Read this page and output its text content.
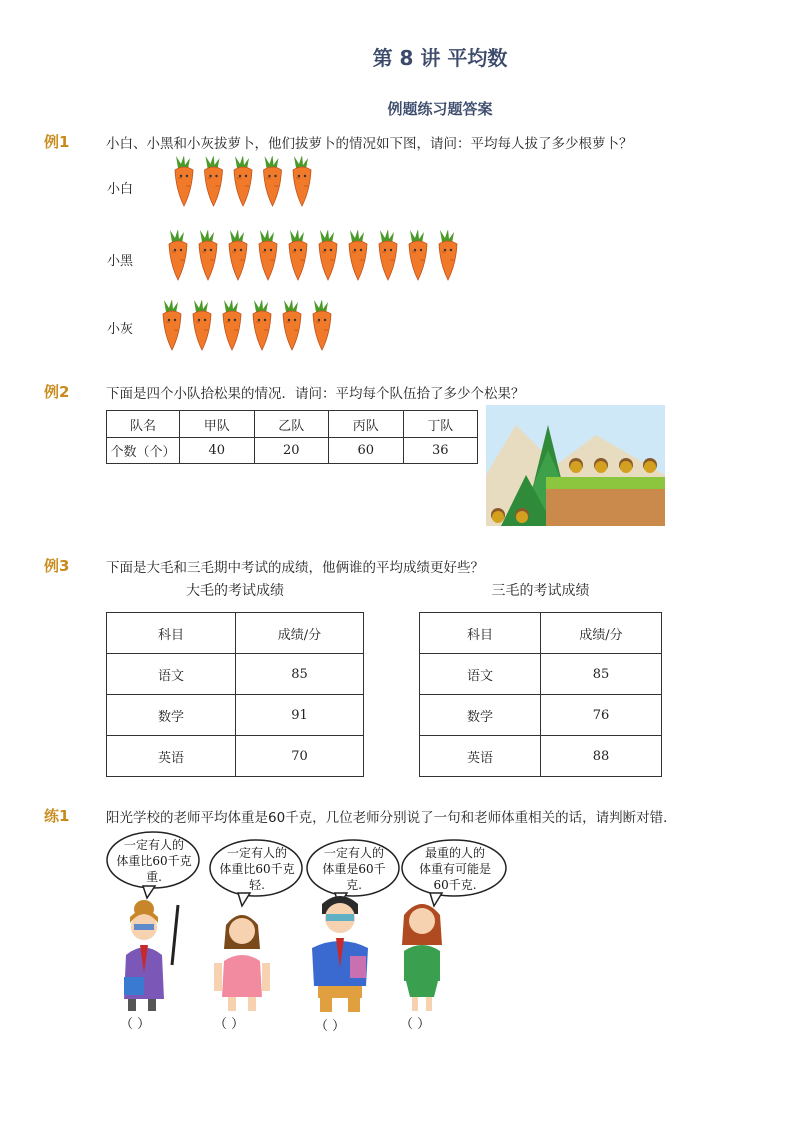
第 8 讲 平均数
例题练习题答案
例1	小白、小黑和小灰拔萝卜，他们拔萝卜的情况如下图，请问：平均每人拔了多少根萝卜？
小白
小黑
小灰
例2	下面是四个小队拾松果的情况．请问：平均每个队伍拾了多少个松果？
队名	甲队	乙队	丙队	丁队
个数（个）	40	20	60	36
例3	下面是大毛和三毛期中考试的成绩，他俩谁的平均成绩更好些？
大毛的考试成绩	三毛的考试成绩
科目	成绩/分
语文	85
数学	91
英语	70
科目	成绩/分
语文	85
数学	76
英语	88
练1	阳光学校的老师平均体重是60千克，几位老师分别说了一句和老师体重相关的话，请判断对错．
一定有人的
体重比60千克
重.
一定有人的
体重比60千克
轻.
一定有人的
体重是60千
克.
最重的人的
体重有可能是
60千克.
（ ）	（ ）	（ ）	（ ）
